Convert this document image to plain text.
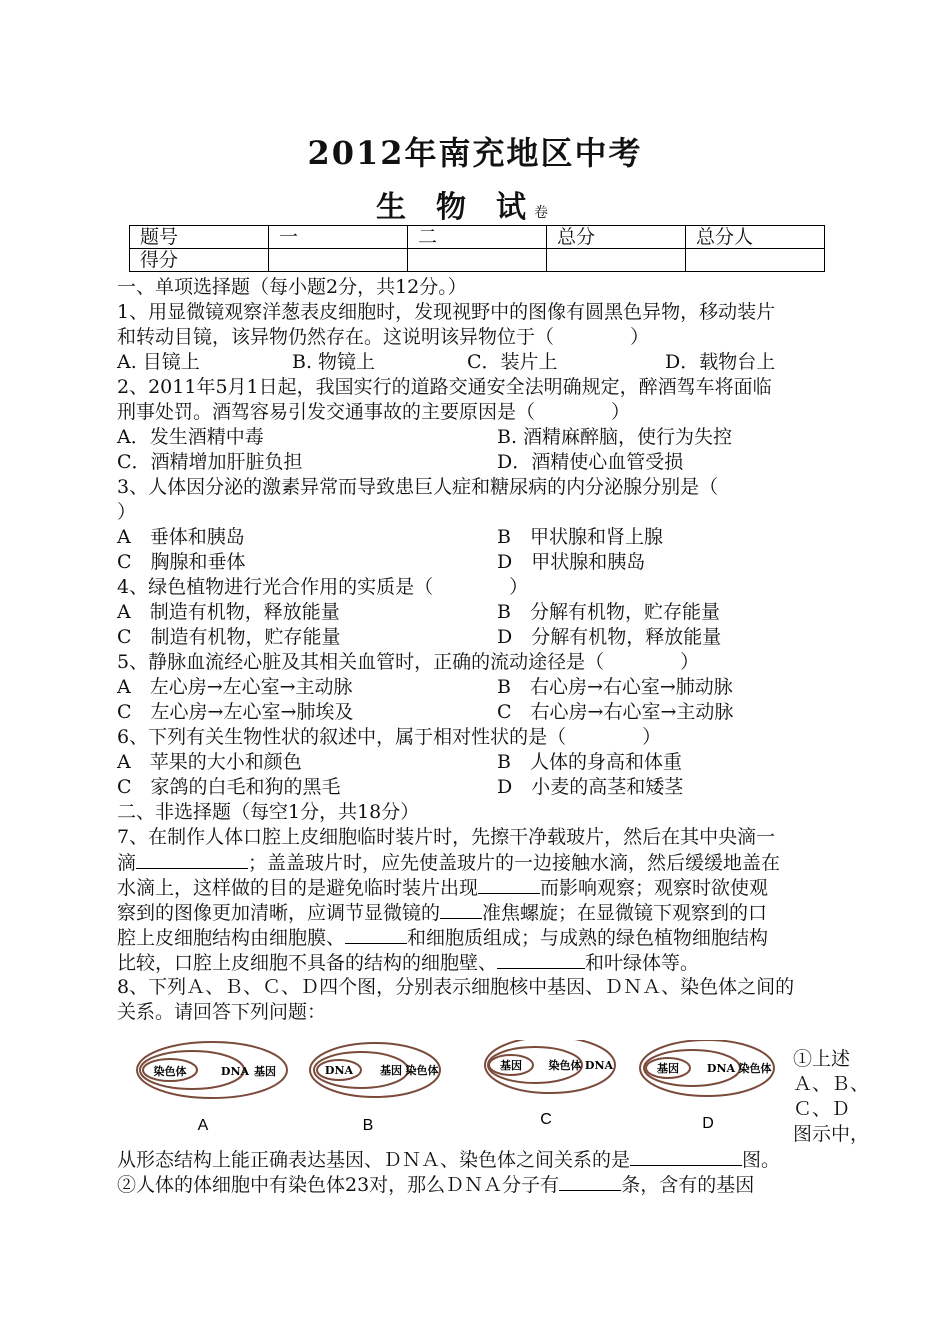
2012年南充地区中考
生 物 试 卷
题号	一	二	总分	总分人
得分				
一、单项选择题（每小题2分，共12分。）
1、用显微镜观察洋葱表皮细胞时，发现视野中的图像有圆黑色异物，移动装片
和转动目镜，该异物仍然存在。这说明该异物位于（　　　　）
A. 目镜上	B. 物镜上	C．装片上	D．载物台上
2、2011年5月1日起，我国实行的道路交通安全法明确规定，醉酒驾车将面临
刑事处罚。酒驾容易引发交通事故的主要原因是（　　　　）
A．发生酒精中毒	B. 酒精麻醉脑，使行为失控
C．酒精增加肝脏负担	D．酒精使心血管受损
3、人体因分泌的激素异常而导致患巨人症和糖尿病的内分泌腺分别是（
）
A　垂体和胰岛	B　甲状腺和肾上腺
C　胸腺和垂体	D　甲状腺和胰岛
4、绿色植物进行光合作用的实质是（　　　　）
A　制造有机物，释放能量	B　分解有机物，贮存能量
C　制造有机物，贮存能量	D　分解有机物，释放能量
5、静脉血流经心脏及其相关血管时，正确的流动途径是（　　　　）
A　左心房→左心室→主动脉	B　右心房→右心室→肺动脉
C　左心房→左心室→肺埃及	C　右心房→右心室→主动脉
6、下列有关生物性状的叙述中，属于相对性状的是（　　　　）
A　苹果的大小和颜色	B　人体的身高和体重
C　家鸽的白毛和狗的黑毛	D　小麦的高茎和矮茎
二、非选择题（每空1分，共18分）
7、在制作人体口腔上皮细胞临时装片时，先擦干净载玻片，然后在其中央滴一
滴	；盖盖玻片时，应先使盖玻片的一边接触水滴，然后缓缓地盖在
水滴上，这样做的目的是避免临时装片出现	而影响观察；观察时欲使观
察到的图像更加清晰，应调节显微镜的 准焦螺旋；在显微镜下观察到的口
腔上皮细胞结构由细胞膜、	和细胞质组成；与成熟的绿色植物细胞结构
比较，口腔上皮细胞不具备的结构的细胞壁、	和叶绿体等。
8、下列Ａ、Ｂ、Ｃ、Ｄ四个图，分别表示细胞核中基因、ＤＮＡ、染色体之间的
关系。请回答下列问题：
染色体	DNA 基因
A
DNA 基因 染色体
B
基因 染色体 DNA
C
基因	DNA 染色体
D
①上述
Ａ、Ｂ、
Ｃ、Ｄ
图示中，
从形态结构上能正确表达基因、ＤＮＡ、染色体之间关系的是	图。
②人体的体细胞中有染色体23对，那么ＤＮＡ分子有	条，含有的基因
